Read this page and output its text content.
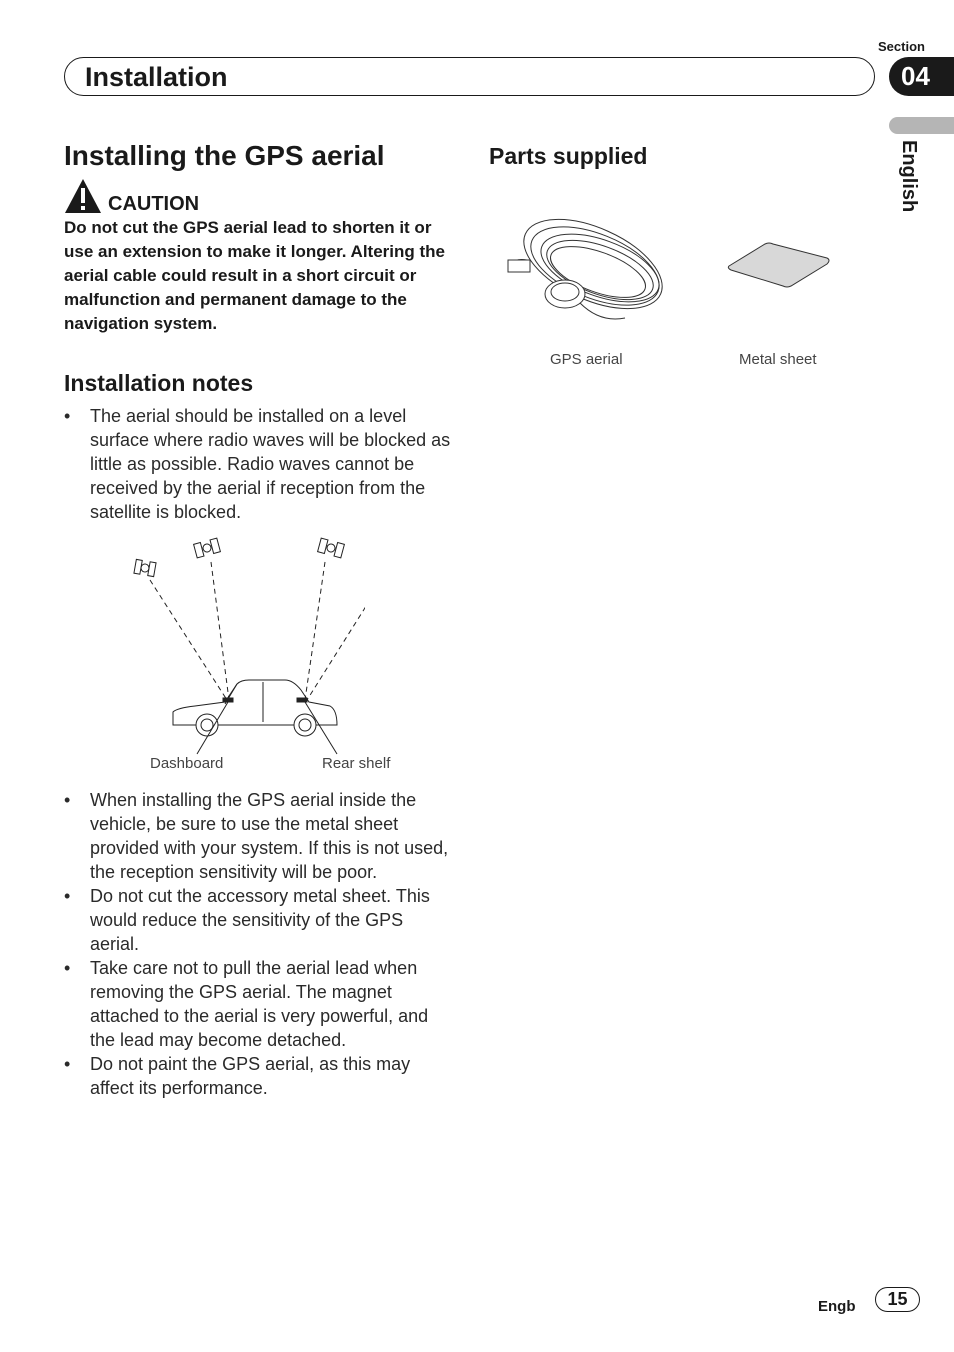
Section
04
Installation
English
Installing the GPS aerial
CAUTION
Do not cut the GPS aerial lead to shorten it or use an extension to make it longer. Altering the aerial cable could result in a short circuit or malfunction and permanent damage to the navigation system.
Installation notes
• The aerial should be installed on a level surface where radio waves will be blocked as little as possible. Radio waves cannot be received by the aerial if reception from the satellite is blocked.
Dashboard	Rear shelf
• When installing the GPS aerial inside the vehicle, be sure to use the metal sheet provided with your system. If this is not used, the reception sensitivity will be poor.
• Do not cut the accessory metal sheet. This would reduce the sensitivity of the GPS aerial.
• Take care not to pull the aerial lead when removing the GPS aerial. The magnet attached to the aerial is very powerful, and the lead may become detached.
• Do not paint the GPS aerial, as this may affect its performance.
Parts supplied
GPS aerial	Metal sheet
Engb	15
